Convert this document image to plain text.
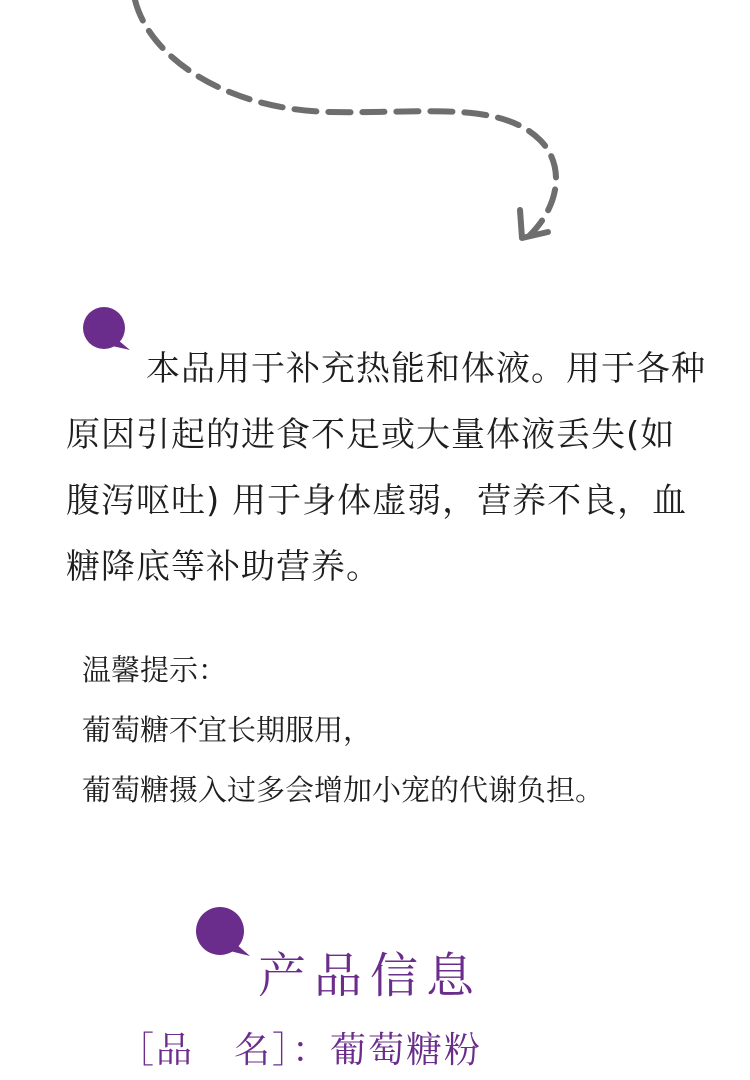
本品用于补充热能和体液。用于各种原因引起的进食不足或大量体液丢失(如腹泻呕吐) 用于身体虚弱，营养不良，血糖降底等补助营养。

温馨提示：
葡萄糖不宜长期服用，
葡萄糖摄入过多会增加小宠的代谢负担。
产品信息
［品 名］：葡萄糖粉
